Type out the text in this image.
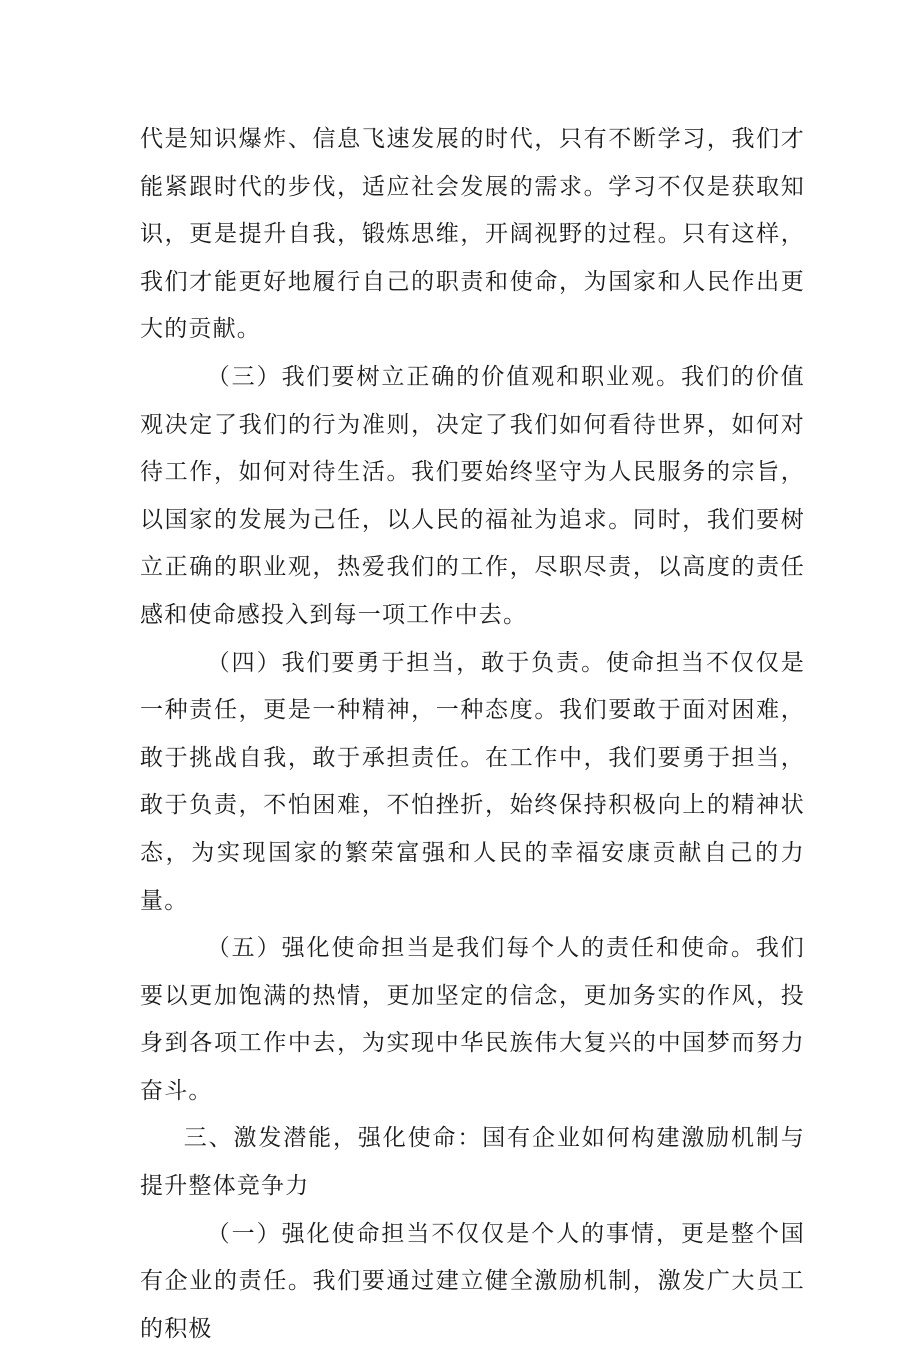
代是知识爆炸、信息飞速发展的时代，只有不断学习，我们才能紧跟时代的步伐，适应社会发展的需求。学习不仅是获取知识，更是提升自我，锻炼思维，开阔视野的过程。只有这样，我们才能更好地履行自己的职责和使命，为国家和人民作出更大的贡献。

（三）我们要树立正确的价值观和职业观。我们的价值观决定了我们的行为准则，决定了我们如何看待世界，如何对待工作，如何对待生活。我们要始终坚守为人民服务的宗旨，以国家的发展为己任，以人民的福祉为追求。同时，我们要树立正确的职业观，热爱我们的工作，尽职尽责，以高度的责任感和使命感投入到每一项工作中去。

（四）我们要勇于担当，敢于负责。使命担当不仅仅是一种责任，更是一种精神，一种态度。我们要敢于面对困难，敢于挑战自我，敢于承担责任。在工作中，我们要勇于担当，敢于负责，不怕困难，不怕挫折，始终保持积极向上的精神状态，为实现国家的繁荣富强和人民的幸福安康贡献自己的力量。

（五）强化使命担当是我们每个人的责任和使命。我们要以更加饱满的热情，更加坚定的信念，更加务实的作风，投身到各项工作中去，为实现中华民族伟大复兴的中国梦而努力奋斗。

三、激发潜能，强化使命：国有企业如何构建激励机制与提升整体竞争力

（一）强化使命担当不仅仅是个人的事情，更是整个国有企业的责任。我们要通过建立健全激励机制，激发广大员工的积极
